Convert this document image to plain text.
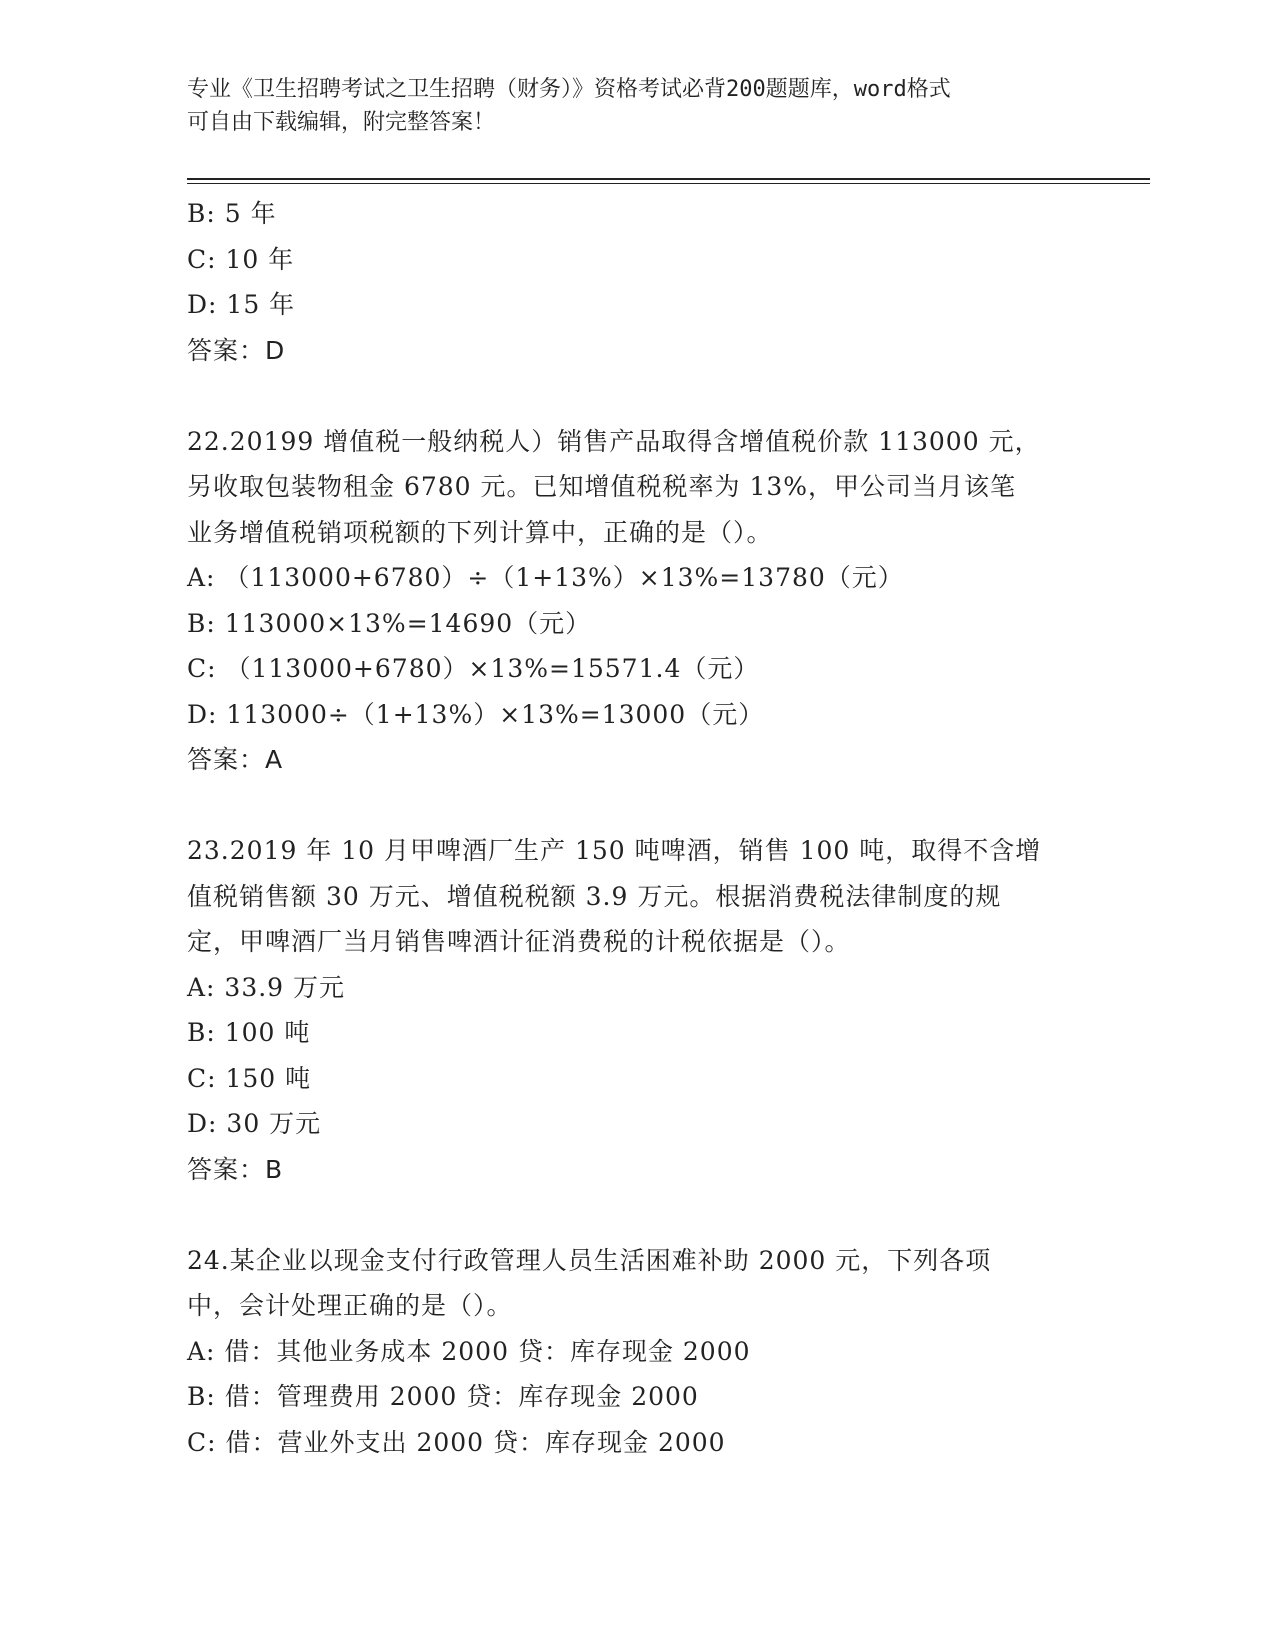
专业《卫生招聘考试之卫生招聘（财务）》资格考试必背200题题库，word格式
可自由下载编辑，附完整答案！
B: 5 年
C: 10 年
D: 15 年
答案：D
22.20199 增值税一般纳税人）销售产品取得含增值税价款 113000 元，
另收取包装物租金 6780 元。已知增值税税率为 13%，甲公司当月该笔
业务增值税销项税额的下列计算中，正确的是（）。
A: （113000+6780）÷（1+13%）×13%=13780（元）
B: 113000×13%=14690（元）
C: （113000+6780）×13%=15571.4（元）
D: 113000÷（1+13%）×13%=13000（元）
答案：A
23.2019 年 10 月甲啤酒厂生产 150 吨啤酒，销售 100 吨，取得不含增
值税销售额 30 万元、增值税税额 3.9 万元。根据消费税法律制度的规
定，甲啤酒厂当月销售啤酒计征消费税的计税依据是（）。
A: 33.9 万元
B: 100 吨
C: 150 吨
D: 30 万元
答案：B
24.某企业以现金支付行政管理人员生活困难补助 2000 元，下列各项
中，会计处理正确的是（）。
A: 借：其他业务成本 2000 贷：库存现金 2000
B: 借：管理费用 2000 贷：库存现金 2000
C: 借：营业外支出 2000 贷：库存现金 2000
